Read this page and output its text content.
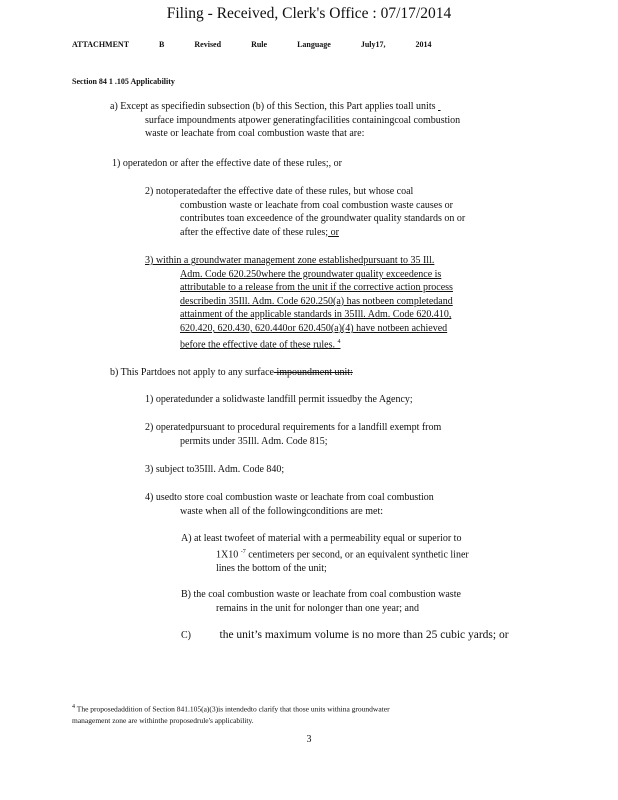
Filing - Received, Clerk's Office : 07/17/2014
ATTACHMENT	B	Revised	Rule	Language	July17,	2014
Section 84 1 .105 Applicability
a) Except as specifiedin subsection (b) of this Section, this Part applies toall units
surface impoundments atpower generatingfacilities containingcoal combustion
waste or leachate from coal combustion waste that are:
1) operatedon or after the effective date of these rules;, or
2) notoperatedafter the effective date of these rules, but whose coal
combustion waste or leachate from coal combustion waste causes or
contributes toan exceedence of the groundwater quality standards on or
after the effective date of these rules; or
3) within a groundwater management zone establishedpursuant to 35 Ill.
Adm. Code 620.250where the groundwater quality exceedence is
attributable to a release from the unit if the corrective action process
describedin 35Ill. Adm. Code 620.250(a) has notbeen completedand
attainment of the applicable standards in 35Ill. Adm. Code 620.410,
620.420, 620.430, 620.440or 620.450(a)(4) have notbeen achieved
before the effective date of these rules. $^4$
b) This Partdoes not apply to any surface impoundment unit:
1) operatedunder a solidwaste landfill permit issuedby the Agency;
2) operatedpursuant to procedural requirements for a landfill exempt from
permits under 35Ill. Adm. Code 815;
3) subject to35Ill. Adm. Code 840;
4) usedto store coal combustion waste or leachate from coal combustion
waste when all of the followingconditions are met:
A) at least twofeet of material with a permeability equal or superior to
1X10 $^{-7}$ centimeters per second, or an equivalent synthetic liner
lines the bottom of the unit;
B) the coal combustion waste or leachate from coal combustion waste
remains in the unit for nolonger than one year; and
C) the unit’s maximum volume is no more than 25 cubic yards; or
$^4$ The proposedaddition of Section 841.105(a)(3)is intendedto clarify that those units withina groundwater
management zone are withinthe proposedrule's applicability.
3
